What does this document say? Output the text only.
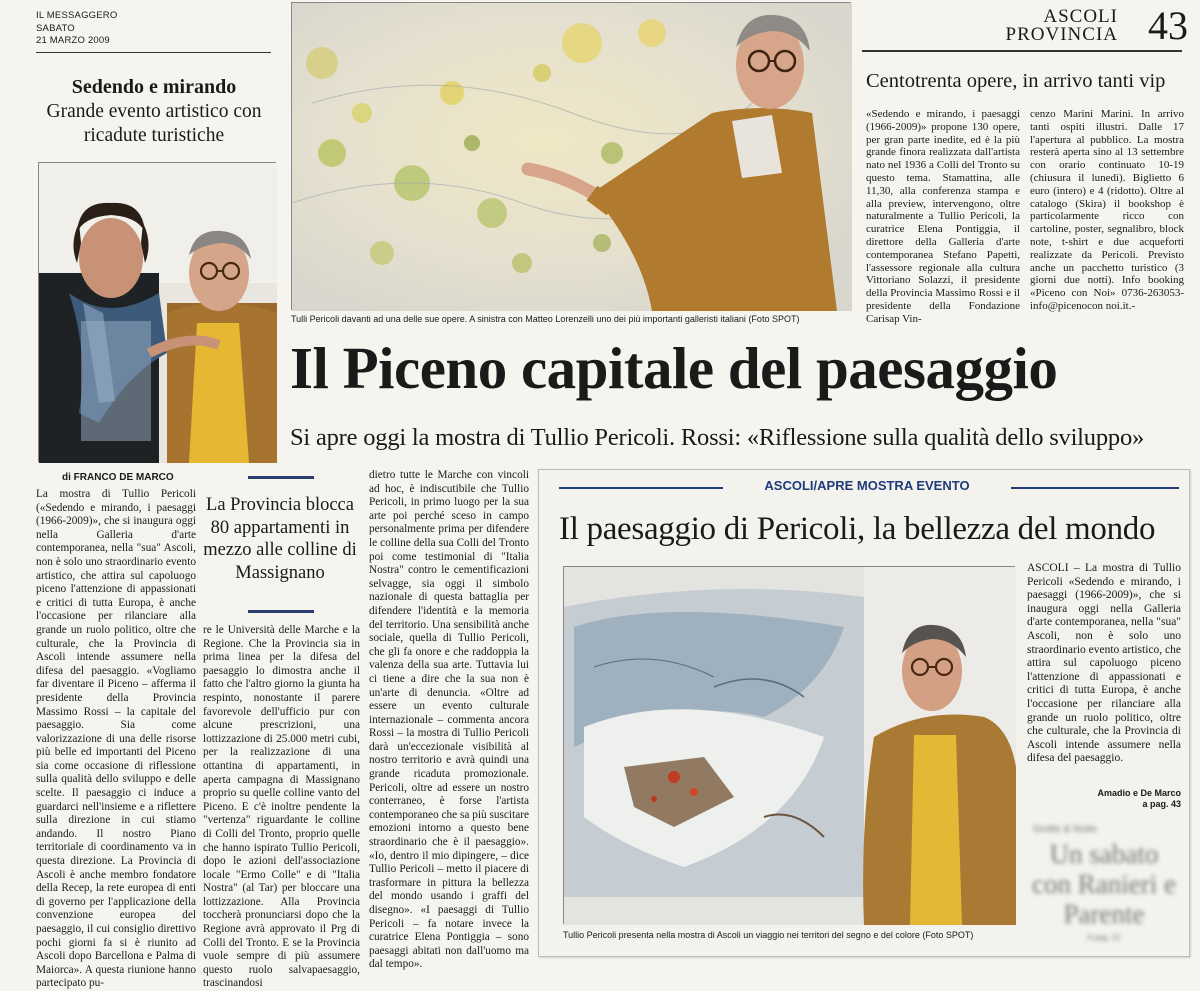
IL MESSAGGERO
SABATO
21 MARZO 2009
ASCOLI
PROVINCIA 43
Sedendo e mirando
Grande evento artistico con ricadute turistiche
Tulli Pericoli davanti ad una delle sue opere. A sinistra con Matteo Lorenzelli uno dei più importanti galleristi italiani (Foto SPOT)
Centotrenta opere, in arrivo tanti vip
«Sedendo e mirando, i paesaggi (1966-2009)» propone 130 opere, per gran parte inedite, ed è la più grande finora realizzata dall'artista nato nel 1936 a Colli del Tronto su questo tema. Stamattina, alle 11,30, alla conferenza stampa e alla preview, intervengono, oltre naturalmente a Tullio Pericoli, la curatrice Elena Pontiggia, il direttore della Galleria d'arte contemporanea Stefano Papetti, l'assessore regionale alla cultura Vittoriano Solazzi, il presidente della Provincia Massimo Rossi e il presidente della Fondazione Carisap Vin-
cenzo Marini Marini. In arrivo tanti ospiti illustri. Dalle 17 l'apertura al pubblico. La mostra resterà aperta sino al 13 settembre con orario continuato 10-19 (chiusura il lunedì). Biglietto 6 euro (intero) e 4 (ridotto). Oltre al catalogo (Skira) il bookshop è particolarmente ricco con cartoline, poster, segnalibro, block note, t-shirt e due acqueforti realizzate da Pericoli. Previsto anche un pacchetto turistico (3 giorni due notti). Info booking «Piceno con Noi» 0736-263053-info@picenocon noi.it.-
Il Piceno capitale del paesaggio
Si apre oggi la mostra di Tullio Pericoli. Rossi: «Riflessione sulla qualità dello sviluppo»
di FRANCO DE MARCO
La mostra di Tullio Pericoli («Sedendo e mirando, i paesaggi (1966-2009)», che si inaugura oggi nella Galleria d'arte contemporanea, nella "sua" Ascoli, non è solo uno straordinario evento artistico, che attira sul capoluogo piceno l'attenzione di appassionati e critici di tutta Europa, è anche l'occasione per rilanciare alla grande un ruolo politico, oltre che culturale, che la Provincia di Ascoli intende assumere nella difesa del paesaggio. «Vogliamo far diventare il Piceno – afferma il presidente della Provincia Massimo Rossi – la capitale del paesaggio. Sia come valorizzazione di una delle risorse più belle ed importanti del Piceno sia come occasione di riflessione sulla qualità dello sviluppo e delle scelte. Il paesaggio ci induce a guardarci nell'insieme e a riflettere sulla direzione in cui stiamo andando. Il nostro Piano territoriale di coordinamento va in questa direzione. La Provincia di Ascoli è anche membro fondatore della Recep, la rete europea di enti di governo per l'applicazione della convenzione europea del paesaggio, il cui consiglio direttivo pochi giorni fa si è riunito ad Ascoli dopo Barcellona e Palma di Maiorca». A questa riunione hanno partecipato pu-
La Provincia blocca 80 appartamenti in mezzo alle colline di Massignano
re le Università delle Marche e la Regione. Che la Provincia sia in prima linea per la difesa del paesaggio lo dimostra anche il fatto che l'altro giorno la giunta ha respinto, nonostante il parere favorevole dell'ufficio pur con alcune prescrizioni, una lottizzazione di 25.000 metri cubi, per la realizzazione di una ottantina di appartamenti, in aperta campagna di Massignano proprio su quelle colline vanto del Piceno. E c'è inoltre pendente la "vertenza" riguardante le colline di Colli del Tronto, proprio quelle che hanno ispirato Tullio Pericoli, dopo le azioni dell'associazione locale "Ermo Colle" e di "Italia Nostra" (al Tar) per bloccare una lottizzazione. Alla Provincia toccherà pronunciarsi dopo che la Regione avrà approvato il Prg di Colli del Tronto. E se la Provincia vuole sempre di più assumere questo ruolo salvapaesaggio, trascinandosi
dietro tutte le Marche con vincoli ad hoc, è indiscutibile che Tullio Pericoli, in primo luogo per la sua arte poi perché sceso in campo personalmente prima per difendere le colline della sua Colli del Tronto poi come testimonial di "Italia Nostra" contro le cementificazioni selvagge, sia oggi il simbolo nazionale di questa battaglia per difendere l'identità e la memoria del territorio. Una sensibilità anche sociale, quella di Tullio Pericoli, che gli fa onore e che raddoppia la valenza della sua arte. Tuttavia lui ci tiene a dire che la sua non è un'arte di denuncia. «Oltre ad essere un evento culturale internazionale – commenta ancora Rossi – la mostra di Tullio Pericoli darà un'eccezionale visibilità al nostro territorio e avrà quindi una grande ricaduta promozionale. Pericoli, oltre ad essere un nostro conterraneo, è forse l'artista contemporaneo che sa più suscitare emozioni intorno a questo bene straordinario che è il paesaggio». «Io, dentro il mio dipingere, – dice Tullio Pericoli – metto il piacere di trasformare in pittura la bellezza del mondo usando i graffi del disegno». «I paesaggi di Tullio Pericoli – fa notare invece la curatrice Elena Pontiggia – sono paesaggi abitati non dall'uomo ma dal tempo».
ASCOLI/APRE MOSTRA EVENTO
Il paesaggio di Pericoli, la bellezza del mondo
Tullio Pericoli presenta nella mostra di Ascoli un viaggio nei territori del segno e del colore (Foto SPOT)
ASCOLI – La mostra di Tullio Pericoli «Sedendo e mirando, i paesaggi (1966-2009)», che si inaugura oggi nella Galleria d'arte contemporanea, nella "sua" Ascoli, non è solo uno straordinario evento artistico, che attira sul capoluogo piceno l'attenzione di appassionati e critici di tutta Europa, è anche l'occasione per rilanciare alla grande un ruolo politico, oltre che culturale, che la Provincia di Ascoli intende assumere nella difesa del paesaggio.
Amadio e De Marco
a pag. 43
Grotte & Notte
Un sabato con Ranieri e Parente
A pag. 51
